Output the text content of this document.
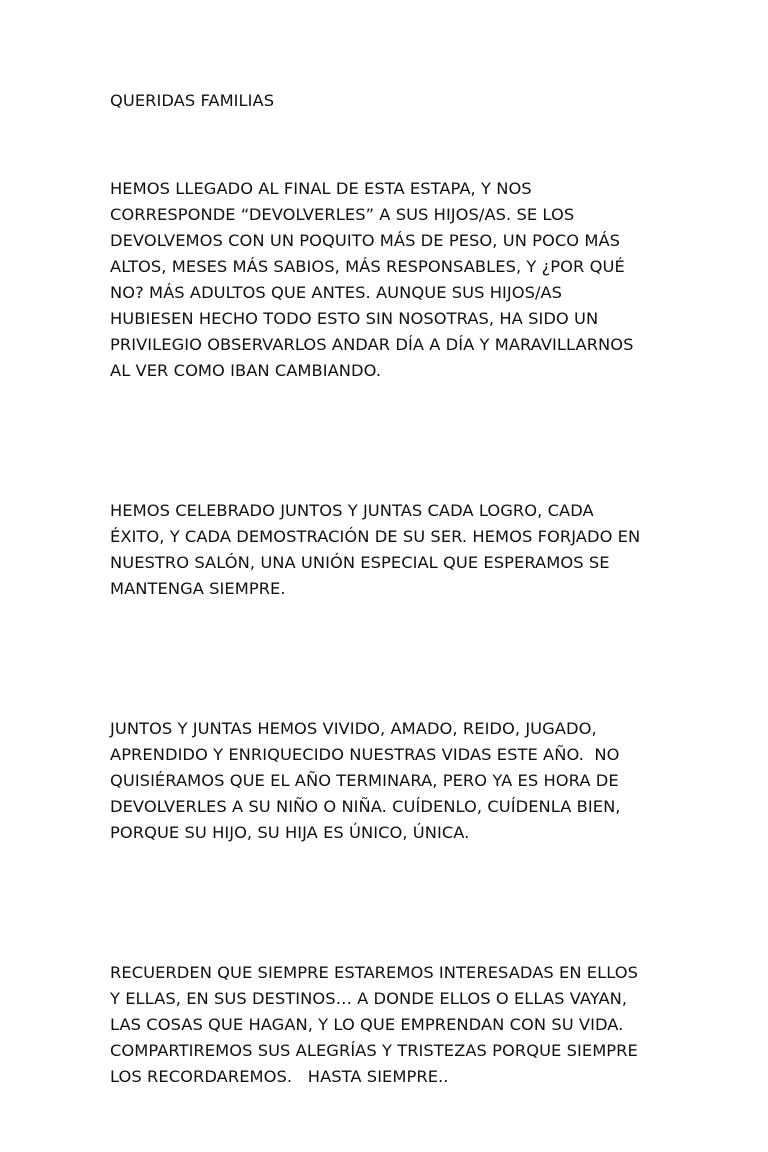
QUERIDAS FAMILIAS

HEMOS LLEGADO AL FINAL DE ESTA ESTAPA, Y NOS
CORRESPONDE “DEVOLVERLES” A SUS HIJOS/AS. SE LOS
DEVOLVEMOS CON UN POQUITO MÁS DE PESO, UN POCO MÁS
ALTOS, MESES MÁS SABIOS, MÁS RESPONSABLES, Y ¿POR QUÉ
NO? MÁS ADULTOS QUE ANTES. AUNQUE SUS HIJOS/AS
HUBIESEN HECHO TODO ESTO SIN NOSOTRAS, HA SIDO UN
PRIVILEGIO OBSERVARLOS ANDAR DÍA A DÍA Y MARAVILLARNOS
AL VER COMO IBAN CAMBIANDO.

HEMOS CELEBRADO JUNTOS Y JUNTAS CADA LOGRO, CADA
ÉXITO, Y CADA DEMOSTRACIÓN DE SU SER. HEMOS FORJADO EN
NUESTRO SALÓN, UNA UNIÓN ESPECIAL QUE ESPERAMOS SE
MANTENGA SIEMPRE.

JUNTOS Y JUNTAS HEMOS VIVIDO, AMADO, REIDO, JUGADO,
APRENDIDO Y ENRIQUECIDO NUESTRAS VIDAS ESTE AÑO.  NO
QUISIÉRAMOS QUE EL AÑO TERMINARA, PERO YA ES HORA DE
DEVOLVERLES A SU NIÑO O NIÑA. CUÍDENLO, CUÍDENLA BIEN,
PORQUE SU HIJO, SU HIJA ES ÚNICO, ÚNICA.

RECUERDEN QUE SIEMPRE ESTAREMOS INTERESADAS EN ELLOS
Y ELLAS, EN SUS DESTINOS… A DONDE ELLOS O ELLAS VAYAN,
LAS COSAS QUE HAGAN, Y LO QUE EMPRENDAN CON SU VIDA.
COMPARTIREMOS SUS ALEGRÍAS Y TRISTEZAS PORQUE SIEMPRE
LOS RECORDAREMOS.   HASTA SIEMPRE..
